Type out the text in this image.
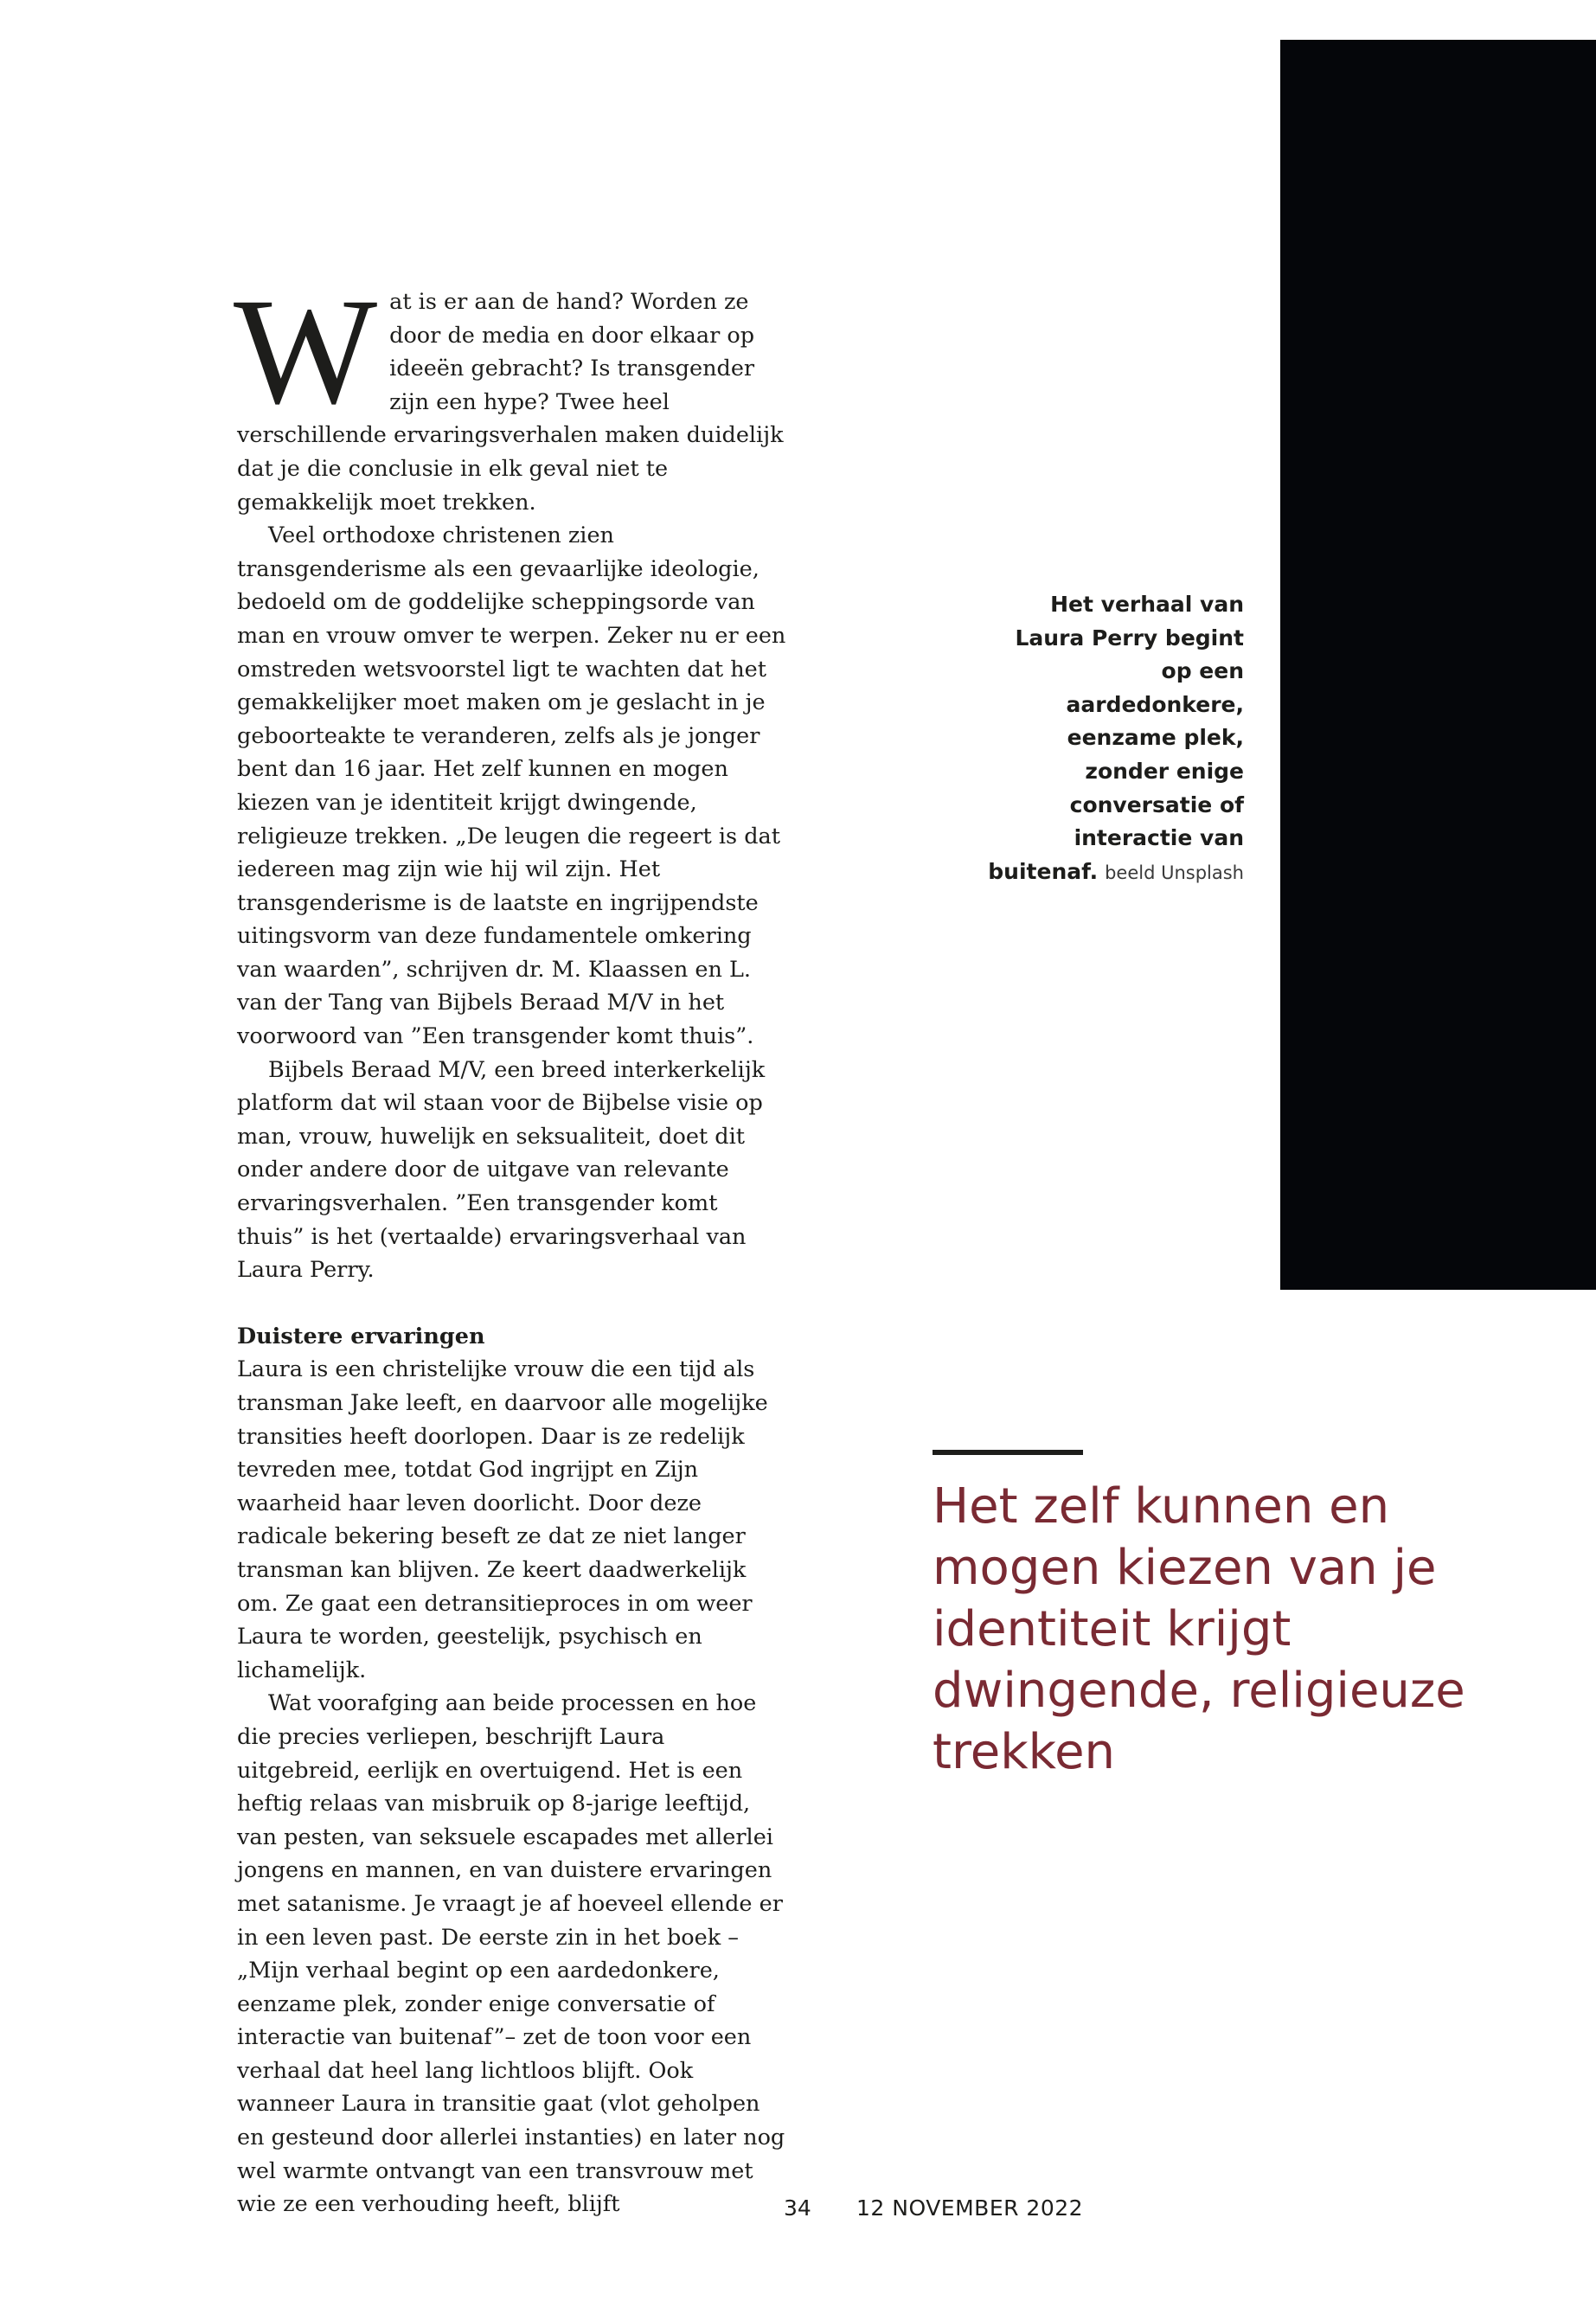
Wat is er aan de hand? Worden ze door de media en door elkaar op ideeën gebracht? Is transgender zijn een hype? Twee heel verschillende ervaringsverhalen maken duidelijk dat je die conclusie in elk geval niet te gemakkelijk moet trekken.

Veel orthodoxe christenen zien transgenderisme als een gevaarlijke ideologie, bedoeld om de goddelijke scheppingsorde van man en vrouw omver te werpen. Zeker nu er een omstreden wetsvoorstel ligt te wachten dat het gemakkelijker moet maken om je geslacht in je geboorteakte te veranderen, zelfs als je jonger bent dan 16 jaar. Het zelf kunnen en mogen kiezen van je identiteit krijgt dwingende, religieuze trekken. „De leugen die regeert is dat iedereen mag zijn wie hij wil zijn. Het transgenderisme is de laatste en ingrijpendste uitingsvorm van deze fundamentele omkering van waarden”, schrijven dr. M. Klaassen en L. van der Tang van Bijbels Beraad M/V in het voorwoord van ”Een transgender komt thuis”.

Bijbels Beraad M/V, een breed interkerkelijk platform dat wil staan voor de Bijbelse visie op man, vrouw, huwelijk en seksualiteit, doet dit onder andere door de uitgave van relevante ervaringsverhalen. ”Een transgender komt thuis” is het (vertaalde) ervaringsverhaal van Laura Perry.

Duistere ervaringen

Laura is een christelijke vrouw die een tijd als transman Jake leeft, en daarvoor alle mogelijke transities heeft doorlopen. Daar is ze redelijk tevreden mee, totdat God ingrijpt en Zijn waarheid haar leven doorlicht. Door deze radicale bekering beseft ze dat ze niet langer transman kan blijven. Ze keert daadwerkelijk om. Ze gaat een detransitieproces in om weer Laura te worden, geestelijk, psychisch en lichamelijk.

Wat voorafging aan beide processen en hoe die precies verliepen, beschrijft Laura uitgebreid, eerlijk en overtuigend. Het is een heftig relaas van misbruik op 8-jarige leeftijd, van pesten, van seksuele escapades met allerlei jongens en mannen, en van duistere ervaringen met satanisme. Je vraagt je af hoeveel ellende er in een leven past. De eerste zin in het boek –„Mijn verhaal begint op een aardedonkere, eenzame plek, zonder enige conversatie of interactie van buitenaf”– zet de toon voor een verhaal dat heel lang lichtloos blijft. Ook wanneer Laura in transitie gaat (vlot geholpen en gesteund door allerlei instanties) en later nog wel warmte ontvangt van een transvrouw met wie ze een verhouding heeft, blijft

Het verhaal van Laura Perry begint op een aardedonkere, eenzame plek, zonder enige conversatie of interactie van buitenaf. beeld Unsplash
Het zelf kunnen en mogen kiezen van je identiteit krijgt dwingende, religieuze trekken
34 12 NOVEMBER 2022
